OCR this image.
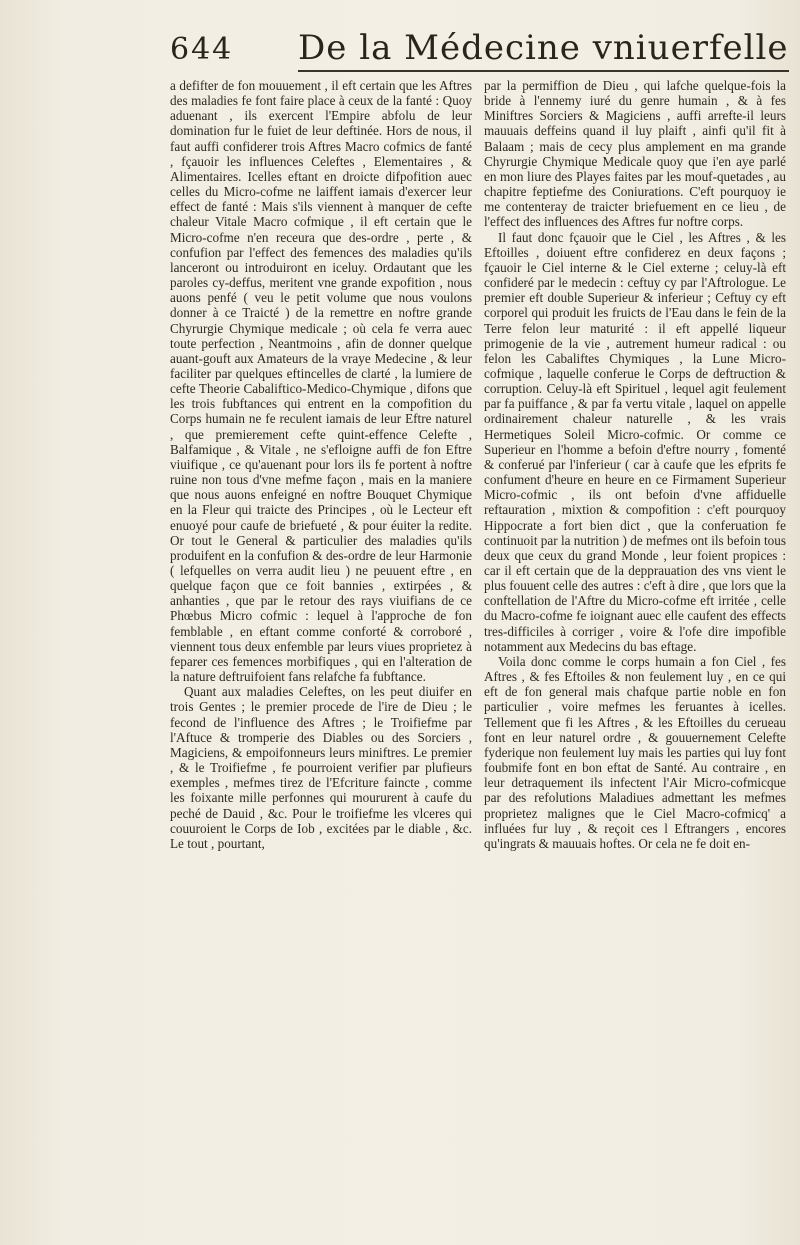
644 De la Médecine vniuerfelle

a defifter de fon mouuement , il eft certain que les Aftres des maladies fe font faire place à ceux de la fanté : Quoy aduenant , ils exercent l'Empire abfolu de leur domination fur le fuiet de leur deftinée. Hors de nous, il faut auffi confiderer trois Aftres Macro cofmics de fanté , fçauoir les influences Celeftes , Elementaires , & Alimentaires. Icelles eftant en droicte difpofition auec celles du Micro-cofme ne laiffent iamais d'exercer leur effect de fanté : Mais s'ils viennent à manquer de cefte chaleur Vitale Macro cofmique , il eft certain que le Micro-cofme n'en receura que des-ordre , perte , & confufion par l'effect des femences des maladies qu'ils lanceront ou introduiront en iceluy. Ordautant que les paroles cy-deffus, meritent vne grande expofition , nous auons penfé ( veu le petit volume que nous voulons donner à ce Traicté ) de la remettre en noftre grande Chyrurgie Chymique medicale ; où cela fe verra auec toute perfection , Neantmoins , afin de donner quelque auant-gouft aux Amateurs de la vraye Medecine , & leur faciliter par quelques eftincelles de clarté , la lumiere de cefte Theorie Cabaliftico-Medico-Chymique , difons que les trois fubftances qui entrent en la compofition du Corps humain ne fe reculent iamais de leur Eftre naturel , que premierement cefte quint-effence Celefte , Balfamique , & Vitale , ne s'efloigne auffi de fon Eftre viuifique , ce qu'auenant pour lors ils fe portent à noftre ruine non tous d'vne mefme façon , mais en la maniere que nous auons enfeigné en noftre Bouquet Chymique en la Fleur qui traicte des Principes , où le Lecteur eft enuoyé pour caufe de briefueté , & pour éuiter la redite. Or tout le General & particulier des maladies qu'ils produifent en la confufion & des-ordre de leur Harmonie ( lefquelles on verra audit lieu ) ne peuuent eftre , en quelque façon que ce foit bannies , extirpées , & anhanties , que par le retour des rays viuifians de ce Phœbus Micro cofmic : lequel à l'approche de fon femblable , en eftant comme conforté & corroboré , viennent tous deux enfemble par leurs viues proprietez à feparer ces femences morbifiques , qui en l'alteration de la nature deftruifoient fans relafche fa fubftance.

Quant aux maladies Celeftes, on les peut diuifer en trois Gentes ; le premier procede de l'ire de Dieu ; le fecond de l'influence des Aftres ; le Troifiefme par l'Aftuce & tromperie des Diables ou des Sorciers , Magiciens, & empoifonneurs leurs miniftres. Le premier , & le Troifiefme , fe pourroient verifier par plufieurs exemples , mefmes tirez de l'Efcriture faincte , comme les foixante mille perfonnes qui moururent à caufe du peché de Dauid , &c. Pour le troifiefme les vlceres qui couuroient le Corps de Iob , excitées par le diable , &c. Le tout , pourtant,

par la permiffion de Dieu , qui lafche quelque-fois la bride à l'ennemy iuré du genre humain , & à fes Miniftres Sorciers & Magiciens , auffi arrefte-il leurs mauuais deffeins quand il luy plaift , ainfi qu'il fit à Balaam ; mais de cecy plus amplement en ma grande Chyrurgie Chymique Medicale quoy que i'en aye parlé en mon liure des Playes faites par les mouf-quetades , au chapitre feptiefme des Coniurations. C'eft pourquoy ie me contenteray de traicter briefuement en ce lieu , de l'effect des influences des Aftres fur noftre corps.

Il faut donc fçauoir que le Ciel , les Aftres , & les Eftoilles , doiuent eftre confiderez en deux façons ; fçauoir le Ciel interne & le Ciel externe ; celuy-là eft confideré par le medecin : ceftuy cy par l'Aftrologue. Le premier eft double Superieur & inferieur ; Ceftuy cy eft corporel qui produit les fruicts de l'Eau dans le fein de la Terre felon leur maturité : il eft appellé liqueur primogenie de la vie , autrement humeur radical : ou felon les Cabaliftes Chymiques , la Lune Micro-cofmique , laquelle conferue le Corps de deftruction & corruption. Celuy-là eft Spirituel , lequel agit feulement par fa puiffance , & par fa vertu vitale , laquel on appelle ordinairement chaleur naturelle , & les vrais Hermetiques Soleil Micro-cofmic. Or comme ce Superieur en l'homme a befoin d'eftre nourry , fomenté & conferué par l'inferieur ( car à caufe que les efprits fe confument d'heure en heure en ce Firmament Superieur Micro-cofmic , ils ont befoin d'vne affiduelle reftauration , mixtion & compofition : c'eft pourquoy Hippocrate a fort bien dict , que la conferuation fe continuoit par la nutrition ) de mefmes ont ils befoin tous deux que ceux du grand Monde , leur foient propices : car il eft certain que de la depprauation des vns vient le plus fouuent celle des autres : c'eft à dire , que lors que la conftellation de l'Aftre du Micro-cofme eft irritée , celle du Macro-cofme fe ioignant auec elle caufent des effects tres-difficiles à corriger , voire & l'ofe dire impofible notamment aux Medecins du bas eftage.

Voila donc comme le corps humain a fon Ciel , fes Aftres , & fes Eftoiles & non feulement luy , en ce qui eft de fon general mais chafque partie noble en fon particulier , voire mefmes les feruantes à icelles. Tellement que fi les Aftres , & les Eftoilles du cerueau font en leur naturel ordre , & gouuernement Celefte fyderique non feulement luy mais les parties qui luy font foubmife font en bon eftat de Santé. Au contraire , en leur detraquement ils infectent l'Air Micro-cofmicque par des refolutions Maladiues admettant les mefmes proprietez malignes que le Ciel Macro-cofmicq' a influées fur luy , & reçoit ces l Eftrangers , encores qu'ingrats & mauuais hoftes. Or cela ne fe doit en-
